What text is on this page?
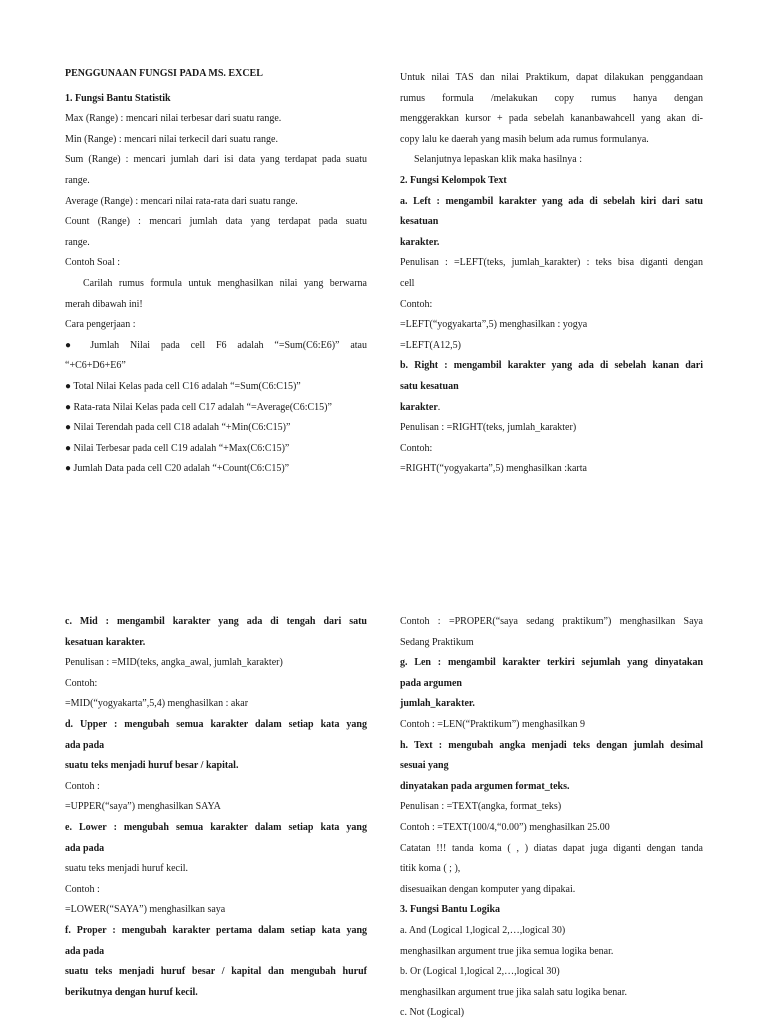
PENGGUNAAN FUNGSI PADA MS. EXCEL

1. Fungsi Bantu Statistik

Max (Range) : mencari nilai terbesar dari suatu range.

Min (Range) : mencari nilai terkecil dari suatu range.

Sum (Range) : mencari jumlah dari isi data yang terdapat pada suatu

range.

Average (Range) : mencari nilai rata-rata dari suatu range.

Count (Range) : mencari jumlah data yang terdapat pada suatu

range.

Contoh Soal :

Carilah rumus formula untuk menghasilkan nilai yang berwarna

merah dibawah ini!

Cara pengerjaan :

● Jumlah Nilai pada cell F6 adalah “=Sum(C6:E6)” atau

“+C6+D6+E6”

● Total Nilai Kelas pada cell C16 adalah “=Sum(C6:C15)”

● Rata-rata Nilai Kelas pada cell C17 adalah “=Average(C6:C15)”

● Nilai Terendah pada cell C18 adalah “+Min(C6:C15)”

● Nilai Terbesar pada cell C19 adalah “+Max(C6:C15)”

● Jumlah Data pada cell C20 adalah “+Count(C6:C15)”

Untuk nilai TAS dan nilai Praktikum, dapat dilakukan penggandaan

rumus formula /melakukan copy rumus hanya dengan

menggerakkan kursor + pada sebelah kananbawahcell yang akan di-

copy lalu ke daerah yang masih belum ada rumus formulanya.

Selanjutnya lepaskan klik maka hasilnya :

2. Fungsi Kelompok Text

a. Left : mengambil karakter yang ada di sebelah kiri dari satu

kesatuan

karakter.

Penulisan : =LEFT(teks, jumlah_karakter) : teks bisa diganti dengan

cell

Contoh:

=LEFT(“yogyakarta”,5) menghasilkan : yogya

=LEFT(A12,5)

b. Right : mengambil karakter yang ada di sebelah kanan dari

satu kesatuan

karakter.

Penulisan : =RIGHT(teks, jumlah_karakter)

Contoh:

=RIGHT(“yogyakarta”,5) menghasilkan :karta

c. Mid : mengambil karakter yang ada di tengah dari satu

kesatuan karakter.

Penulisan : =MID(teks, angka_awal, jumlah_karakter)

Contoh:

=MID(“yogyakarta”,5,4) menghasilkan : akar

d. Upper : mengubah semua karakter dalam setiap kata yang

ada pada

suatu teks menjadi huruf besar / kapital.

Contoh :

=UPPER(“saya”) menghasilkan SAYA

e. Lower : mengubah semua karakter dalam setiap kata yang

ada pada

suatu teks menjadi huruf kecil.

Contoh :

=LOWER(“SAYA”) menghasilkan saya

f. Proper : mengubah karakter pertama dalam setiap kata yang

ada pada

suatu teks menjadi huruf besar / kapital dan mengubah huruf

berikutnya dengan huruf kecil.

Contoh : =PROPER(“saya sedang praktikum”) menghasilkan Saya

Sedang Praktikum

g. Len : mengambil karakter terkiri sejumlah yang dinyatakan

pada argumen

jumlah_karakter.

Contoh : =LEN(“Praktikum”) menghasilkan 9

h. Text : mengubah angka menjadi teks dengan jumlah desimal

sesuai yang

dinyatakan pada argumen format_teks.

Penulisan : =TEXT(angka, format_teks)

Contoh : =TEXT(100/4,“0.00”) menghasilkan 25.00

Catatan !!! tanda koma ( , ) diatas dapat juga diganti dengan tanda

titik koma ( ; ),

disesuaikan dengan komputer yang dipakai.

3. Fungsi Bantu Logika

a. And (Logical 1,logical 2,…,logical 30)

menghasilkan argument true jika semua logika benar.

b. Or (Logical 1,logical 2,…,logical 30)

menghasilkan argument true jika salah satu logika benar.

c. Not (Logical)
